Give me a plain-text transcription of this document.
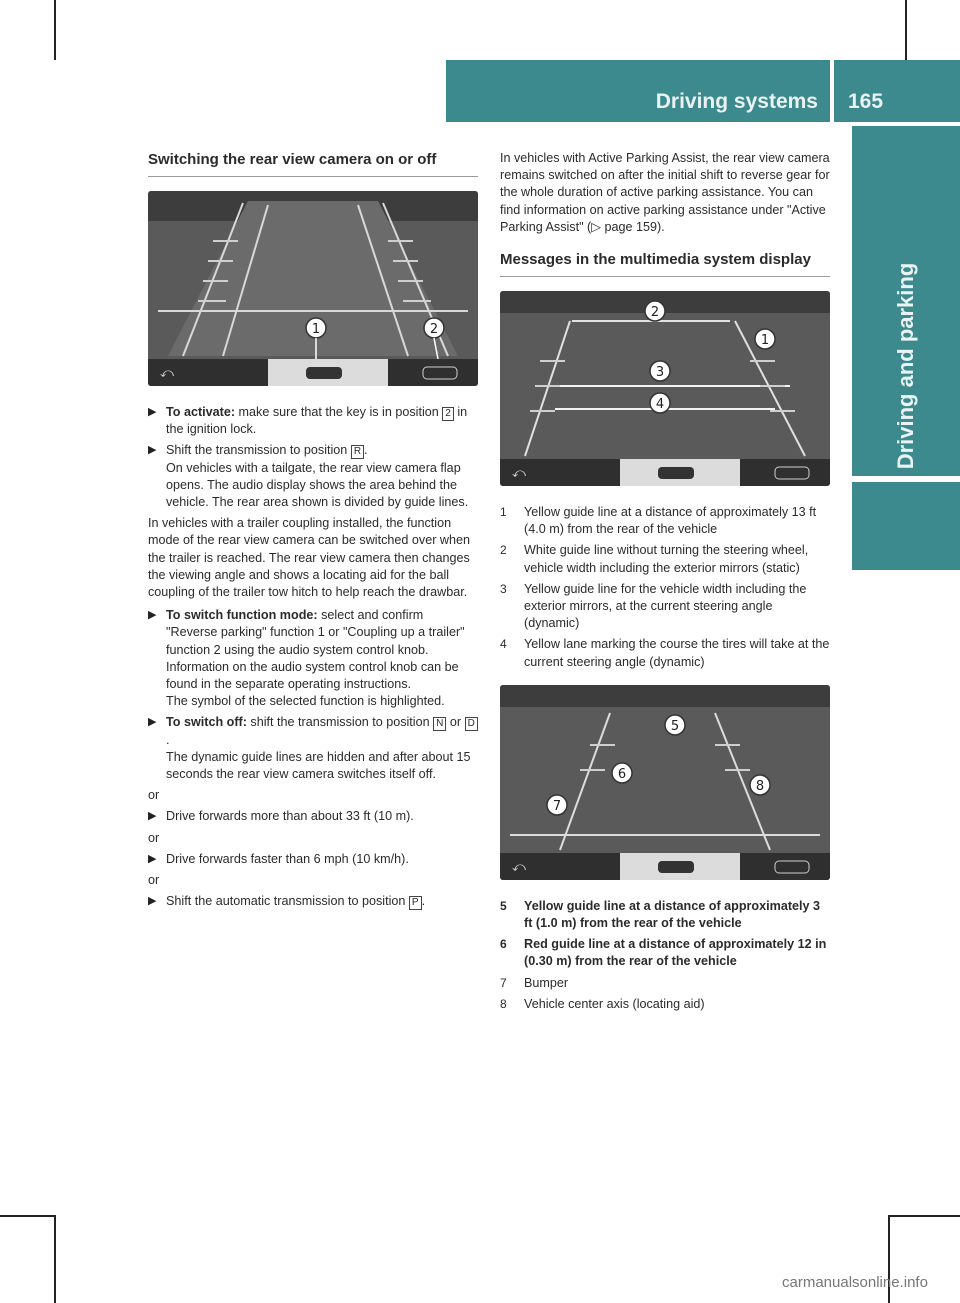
Driving systems	165
Driving and parking
Switching the rear view camera on or off
⤺
1	2
▶ To activate: make sure that the key is in position 2 in the ignition lock.
▶ Shift the transmission to position R .
On vehicles with a tailgate, the rear view camera flap opens. The audio display shows the area behind the vehicle. The rear area shown is divided by guide lines.

In vehicles with a trailer coupling installed, the function mode of the rear view camera can be switched over when the trailer is reached. The rear view camera then changes the viewing angle and shows a locating aid for the ball coupling of the trailer tow hitch to help reach the drawbar.

▶ To switch function mode: select and confirm "Reverse parking" function 1 or "Coupling up a trailer" function 2 using the audio system control knob.
Information on the audio system control knob can be found in the separate operating instructions.
The symbol of the selected function is highlighted.
▶ To switch off: shift the transmission to position N or D.
The dynamic guide lines are hidden and after about 15 seconds the rear view camera switches itself off.
or
▶ Drive forwards more than about 33 ft (10 m).
or
▶ Drive forwards faster than 6 mph (10 km/h).
or
▶ Shift the automatic transmission to position P .

In vehicles with Active Parking Assist, the rear view camera remains switched on after the initial shift to reverse gear for the whole duration of active parking assistance. You can find information on active parking assistance under "Active Parking Assist" (▷ page 159).

Messages in the multimedia system display
⤺
2
1
3
4
1 Yellow guide line at a distance of approximately 13 ft (4.0 m) from the rear of the vehicle
2 White guide line without turning the steering wheel, vehicle width including the exterior mirrors (static)
3 Yellow guide line for the vehicle width including the exterior mirrors, at the current steering angle (dynamic)
4 Yellow lane marking the course the tires will take at the current steering angle (dynamic)
⤺
5
6
7
8
5 Yellow guide line at a distance of approximately 3 ft (1.0 m) from the rear of the vehicle
6 Red guide line at a distance of approximately 12 in (0.30 m) from the rear of the vehicle
7 Bumper
8 Vehicle center axis (locating aid)
carmanualsonline.info
